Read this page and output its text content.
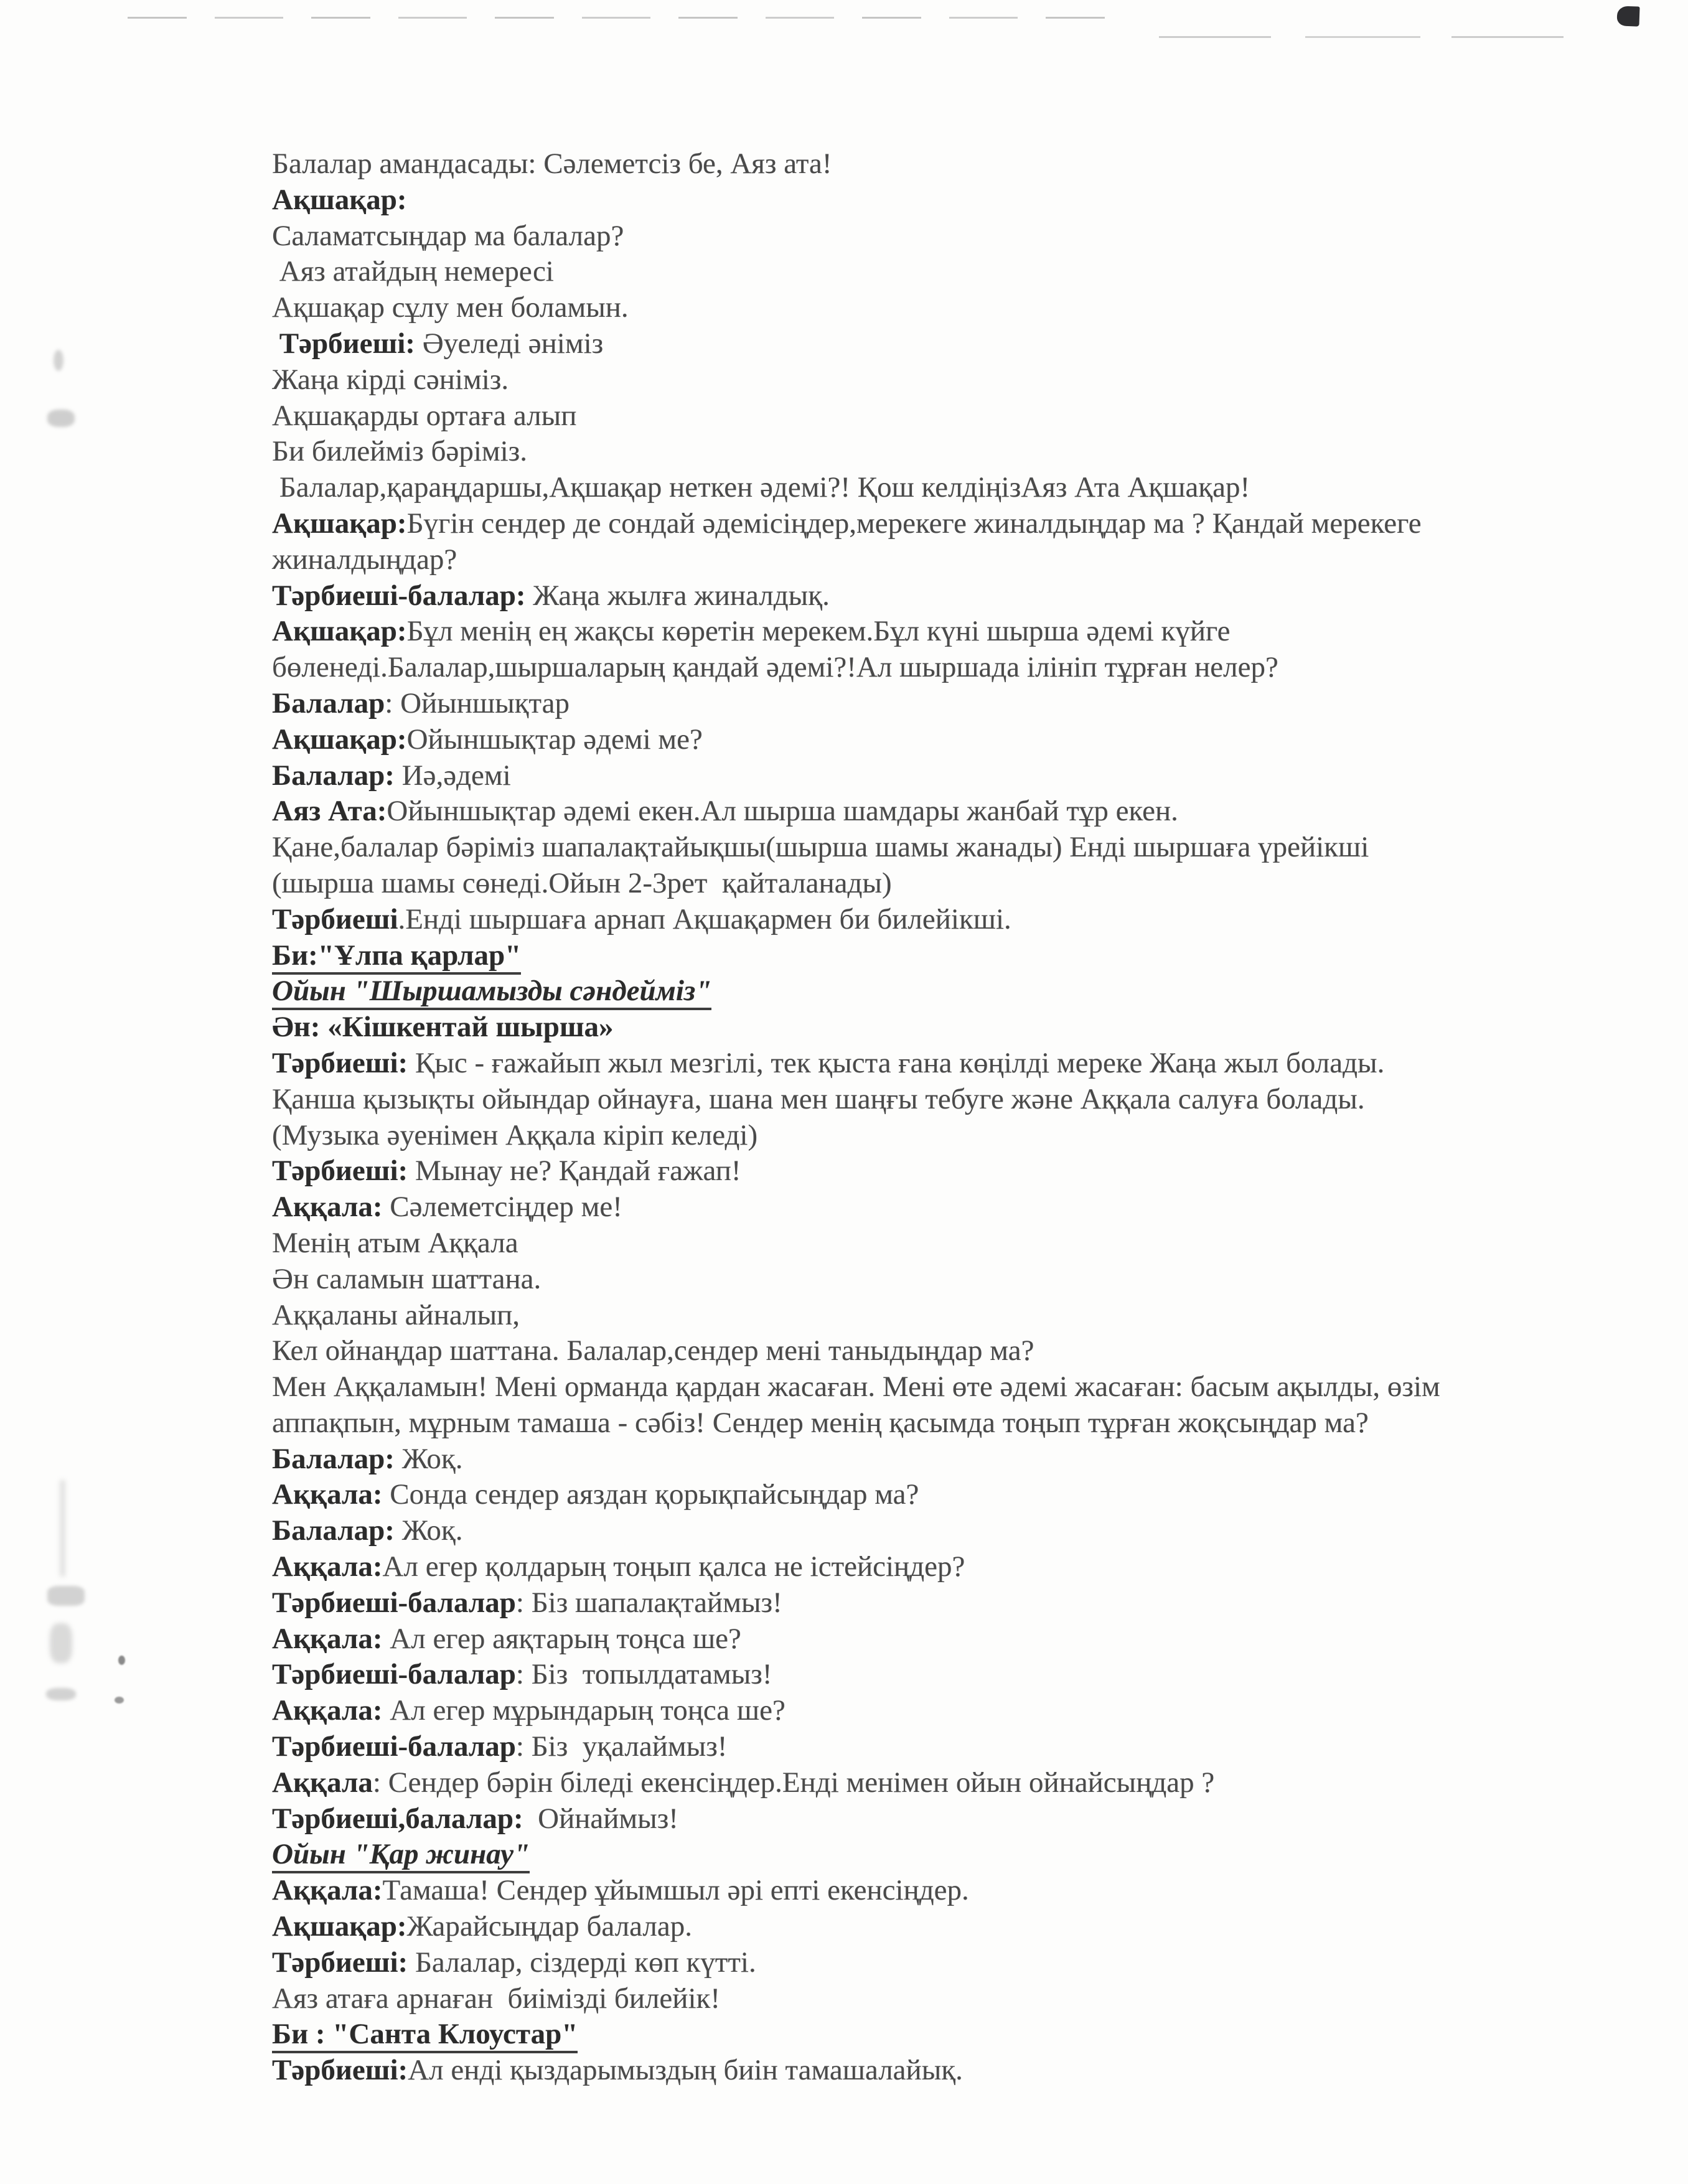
Балалар амандасады: Сәлеметсіз бе, Аяз ата!
Ақшақар:
Саламатсыңдар ма балалар?
Аяз атайдың немересі
Ақшақар сұлу мен боламын.
Тәрбиеші: Әуеледі әніміз
Жаңа кірді сәніміз.
Ақшақарды ортаға алып
Би билейміз бәріміз.
Балалар,қараңдаршы,Ақшақар неткен әдемі?! Қош келдіңізАяз Ата Ақшақар!
Ақшақар:Бүгін сендер де сондай әдемісіңдер,мерекеге жиналдыңдар ма ? Қандай мерекеге
жиналдыңдар?
Тәрбиеші-балалар: Жаңа жылға жиналдық.
Ақшақар:Бұл менің ең жақсы көретін мерекем.Бұл күні шырша әдемі күйге
бөленеді.Балалар,шыршаларың қандай әдемі?!Ал шыршада ілініп тұрған нелер?
Балалар: Ойыншықтар
Ақшақар:Ойыншықтар әдемі ме?
Балалар: Иә,әдемі
Аяз Ата:Ойыншықтар әдемі екен.Ал шырша шамдары жанбай тұр екен.
Қане,балалар бәріміз шапалақтайықшы(шырша шамы жанады) Енді шыршаға үрейікші
(шырша шамы сөнеді.Ойын 2-3рет  қайталанады)
Тәрбиеші.Енді шыршаға арнап Ақшақармен би билейікші.
Би:"Ұлпа қарлар"
Ойын "Шыршамызды сәндейміз"
Ән: «Кішкентай шырша»
Тәрбиеші: Қыс - ғажайып жыл мезгілі, тек қыста ғана көңілді мереке Жаңа жыл болады.
Қанша қызықты ойындар ойнауға, шана мен шаңғы тебуге және Аққала салуға болады.
(Музыка әуенімен Аққала кіріп келеді)
Тәрбиеші: Мынау не? Қандай ғажап!
Аққала: Сәлеметсіңдер ме!
Менің атым Аққала
Ән саламын шаттана.
Аққаланы айналып,
Кел ойнаңдар шаттана. Балалар,сендер мені таныдыңдар ма?
Мен Аққаламын! Мені орманда қардан жасаған. Мені өте әдемі жасаған: басым ақылды, өзім
аппақпын, мұрным тамаша - сәбіз! Сендер менің қасымда тоңып тұрған жоқсыңдар ма?
Балалар: Жоқ.
Аққала: Сонда сендер аяздан қорықпайсыңдар ма?
Балалар: Жоқ.
Аққала:Ал егер қолдарың тоңып қалса не істейсіңдер?
Тәрбиеші-балалар: Біз шапалақтаймыз!
Аққала: Ал егер аяқтарың тоңса ше?
Тәрбиеші-балалар: Біз  топылдатамыз!
Аққала: Ал егер мұрындарың тоңса ше?
Тәрбиеші-балалар: Біз  уқалаймыз!
Аққала: Сендер бәрін біледі екенсіңдер.Енді менімен ойын ойнайсыңдар ?
Тәрбиеші,балалар:  Ойнаймыз!
Ойын "Қар жинау"
Аққала:Тамаша! Сендер ұйымшыл әрі епті екенсіңдер.
Ақшақар:Жарайсыңдар балалар.
Тәрбиеші: Балалар, сіздерді көп күтті.
Аяз атаға арнаған  биімізді билейік!
Би : "Санта Клоустар"
Тәрбиеші:Ал енді қыздарымыздың биін тамашалайық.
